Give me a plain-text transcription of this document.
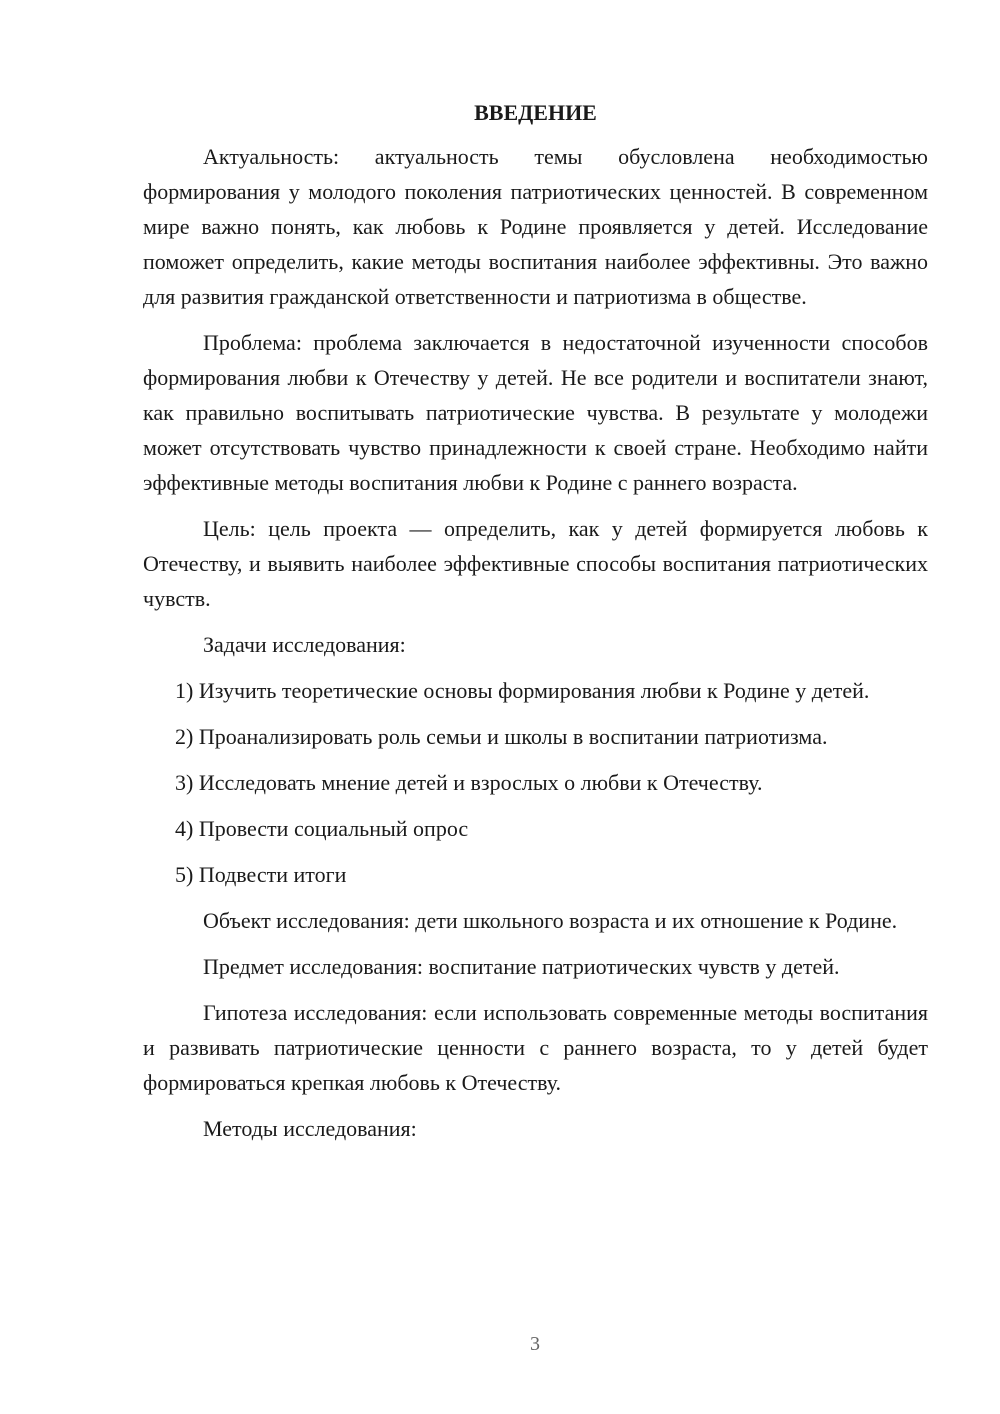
ВВЕДЕНИЕ

Актуальность: актуальность темы обусловлена необходимостью формирования у молодого поколения патриотических ценностей. В современном мире важно понять, как любовь к Родине проявляется у детей. Исследование поможет определить, какие методы воспитания наиболее эффективны. Это важно для развития гражданской ответственности и патриотизма в обществе.

Проблема: проблема заключается в недостаточной изученности способов формирования любви к Отечеству у детей. Не все родители и воспитатели знают, как правильно воспитывать патриотические чувства. В результате у молодежи может отсутствовать чувство принадлежности к своей стране. Необходимо найти эффективные методы воспитания любви к Родине с раннего возраста.

Цель: цель проекта — определить, как у детей формируется любовь к Отечеству, и выявить наиболее эффективные способы воспитания патриотических чувств.

Задачи исследования:

1) Изучить теоретические основы формирования любви к Родине у детей.

2) Проанализировать роль семьи и школы в воспитании патриотизма.

3) Исследовать мнение детей и взрослых о любви к Отечеству.

4) Провести социальный опрос

5) Подвести итоги

Объект исследования: дети школьного возраста и их отношение к Родине.

Предмет исследования: воспитание патриотических чувств у детей.

Гипотеза исследования: если использовать современные методы воспитания и развивать патриотические ценности с раннего возраста, то у детей будет формироваться крепкая любовь к Отечеству.

Методы исследования:

3
